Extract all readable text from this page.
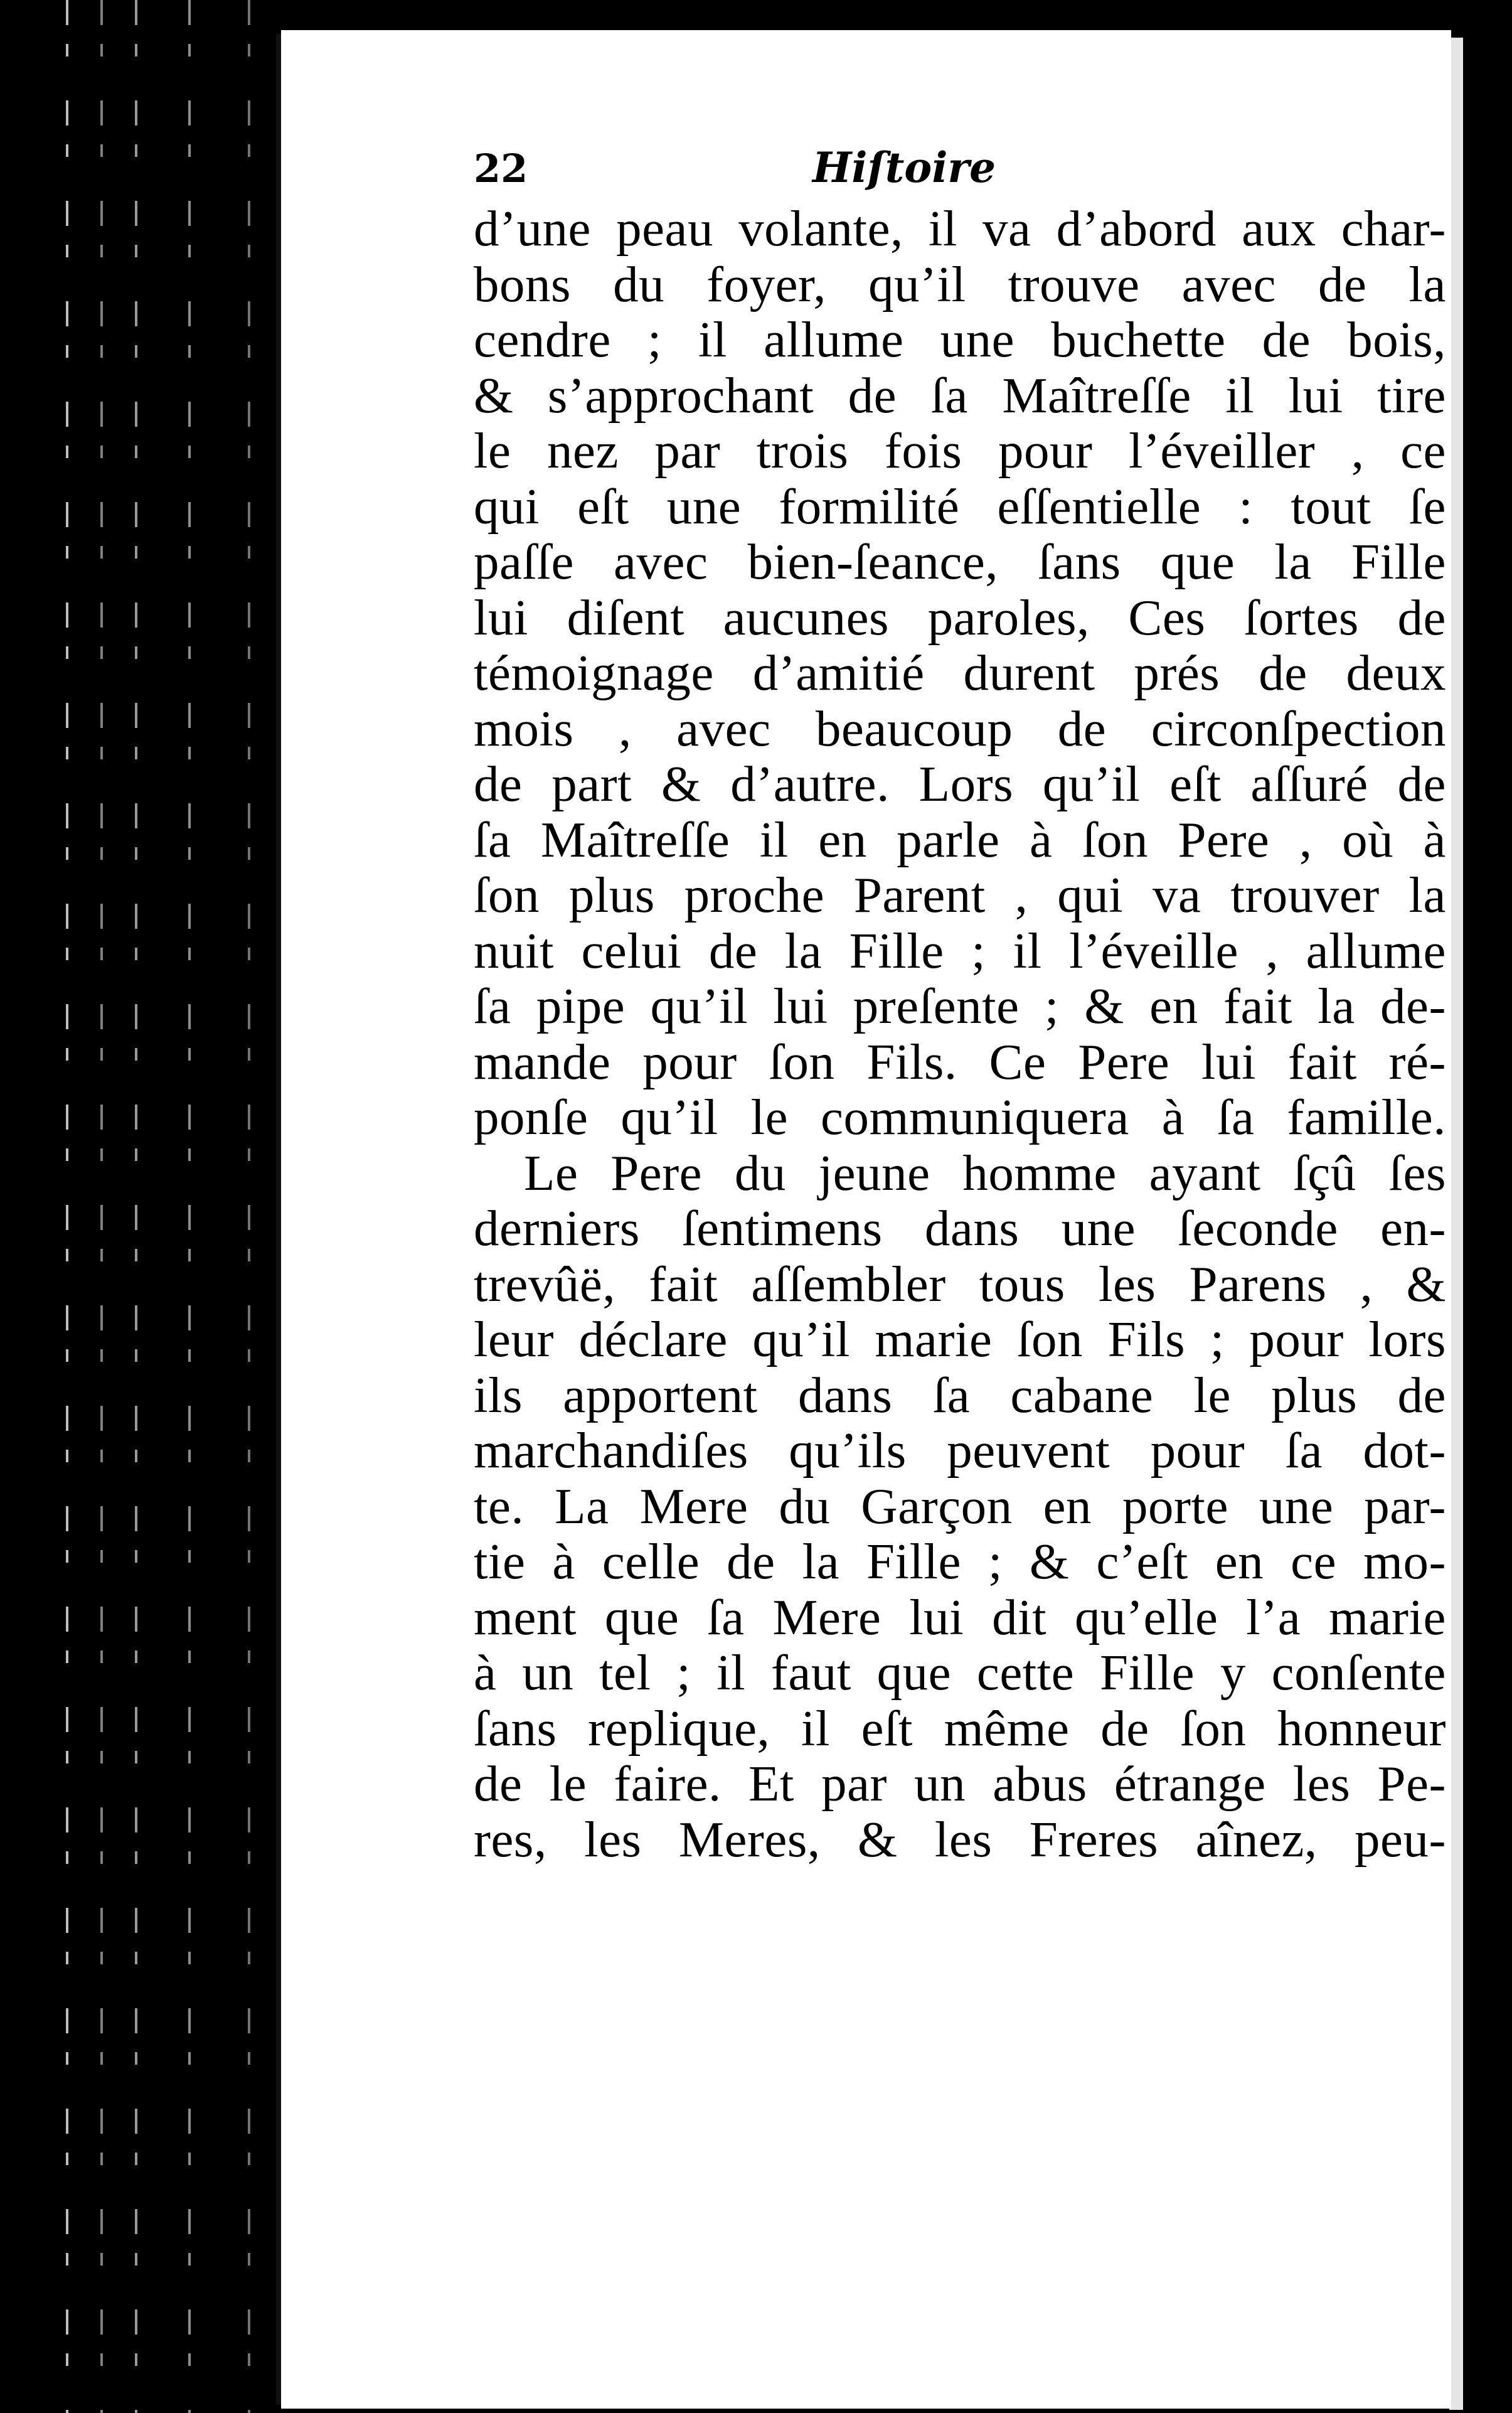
22	Hiſtoire
d’une peau volante, il va d’abord aux char-
bons du foyer, qu’il trouve avec de la
cendre ; il allume une buchette de bois,
& s’approchant de ſa Maîtreſſe il lui tire
le nez par trois fois pour l’éveiller , ce
qui eſt une formilité eſſentielle : tout ſe
paſſe avec bien-ſeance, ſans que la Fille
lui diſent aucunes paroles, Ces ſortes de
témoignage d’amitié durent prés de deux
mois , avec beaucoup de circonſpection
de part & d’autre. Lors qu’il eſt aſſuré de
ſa Maîtreſſe il en parle à ſon Pere , où à
ſon plus proche Parent , qui va trouver la
nuit celui de la Fille ; il l’éveille , allume
ſa pipe qu’il lui preſente ; & en fait la de-
mande pour ſon Fils. Ce Pere lui fait ré-
ponſe qu’il le communiquera à ſa famille.
Le Pere du jeune homme ayant ſçû ſes
derniers ſentimens dans une ſeconde en-
trevûë, fait aſſembler tous les Parens , &
leur déclare qu’il marie ſon Fils ; pour lors
ils apportent dans ſa cabane le plus de
marchandiſes qu’ils peuvent pour ſa dot-
te. La Mere du Garçon en porte une par-
tie à celle de la Fille ; & c’eſt en ce mo-
ment que ſa Mere lui dit qu’elle l’a marie
à un tel ; il faut que cette Fille y conſente
ſans replique, il eſt même de ſon honneur
de le faire. Et par un abus étrange les Pe-
res, les Meres, & les Freres aînez, peu-
